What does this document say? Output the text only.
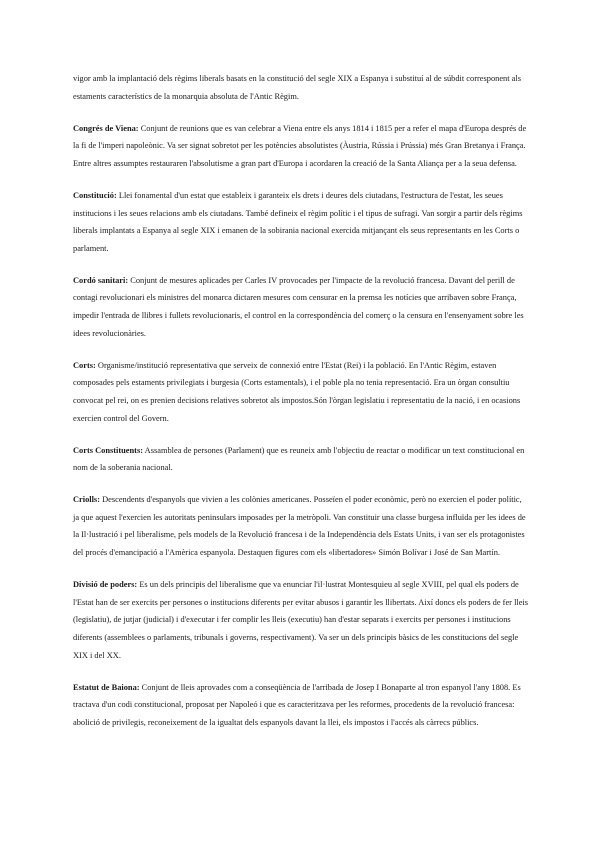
vigor amb la implantació dels règims liberals basats en la constitució del segle XIX a Espanya i substituí al de súbdit corresponent als estaments característics de la monarquia absoluta de l'Antic Règim.

Congrés de Viena: Conjunt de reunions que es van celebrar a Viena entre els anys 1814 i 1815 per a refer el mapa d'Europa després de la fi de l'imperi napoleònic. Va ser signat sobretot per les potències absolutistes (Àustria, Rússia i Prússia) més Gran Bretanya i França. Entre altres assumptes restauraren l'absolutisme a gran part d'Europa i acordaren la creació de la Santa Aliança per a la seua defensa.

Constitució: Llei fonamental d'un estat que estableix i garanteix els drets i deures dels ciutadans, l'estructura de l'estat, les seues institucions i les seues relacions amb els ciutadans. També defineix el règim polític i el tipus de sufragi. Van sorgir a partir dels règims liberals implantats a Espanya al segle XIX i emanen de la sobirania nacional exercida mitjançant els seus representants en les Corts o parlament.

Cordó sanitari: Conjunt de mesures aplicades per Carles IV provocades per l'impacte de la revolució francesa. Davant del perill de contagi revolucionari els ministres del monarca dictaren mesures com censurar en la premsa les notícies que arribaven sobre França, impedir l'entrada de llibres i fullets revolucionaris, el control en la correspondència del comerç o la censura en l'ensenyament sobre les idees revolucionàries.

Corts: Organisme/institució representativa que serveix de connexió entre l'Estat (Rei) i la població. En l'Antic Règim, estaven composades pels estaments privilegiats i burgesia (Corts estamentals), i el poble pla no tenia representació. Era un òrgan consultiu convocat pel rei, on es prenien decisions relatives sobretot als impostos.Són l'òrgan legislatiu i representatiu de la nació, i en ocasions exercien control del Govern.

Corts Constituents: Assamblea de persones (Parlament) que es reuneix amb l'objectiu de reactar o modificar un text constitucional en nom de la soberania nacional.

Criolls: Descendents d'espanyols que vivien a les colònies americanes. Posseïen el poder econòmic, però no exercien el poder polític, ja que aquest l'exercien les autoritats peninsulars imposades per la metròpoli. Van constituir una classe burgesa influïda per les idees de la Il·lustració i pel liberalisme, pels models de la Revolució francesa i de la Independència dels Estats Units, i van ser els protagonistes del procés d'emancipació a l'Amèrica espanyola. Destaquen figures com els «libertadores» Simón Bolívar i José de San Martín.

Divisió de poders: Es un dels principis del liberalisme que va enunciar l'il·lustrat Montesquieu al segle XVIII, pel qual els poders de l'Estat han de ser exercits per persones o institucions diferents per evitar abusos i garantir les llibertats. Així doncs els poders de fer lleis (legislatiu), de jutjar (judicial) i d'executar i fer complir les lleis (executiu) han d'estar separats i exercits per persones i institucions diferents (assemblees o parlaments, tribunals i governs, respectivament). Va ser un dels principis bàsics de les constitucions del segle XIX i del XX.

Estatut de Baiona: Conjunt de lleis aprovades com a conseqüència de l'arribada de Josep I Bonaparte al tron espanyol l'any 1808. Es tractava d'un codi constitucional, proposat per Napoleó i que es caracteritzava per les reformes, procedents de la revolució francesa: abolició de privilegis, reconeixement de la igualtat dels espanyols davant la llei, els impostos i l'accés als càrrecs públics.
